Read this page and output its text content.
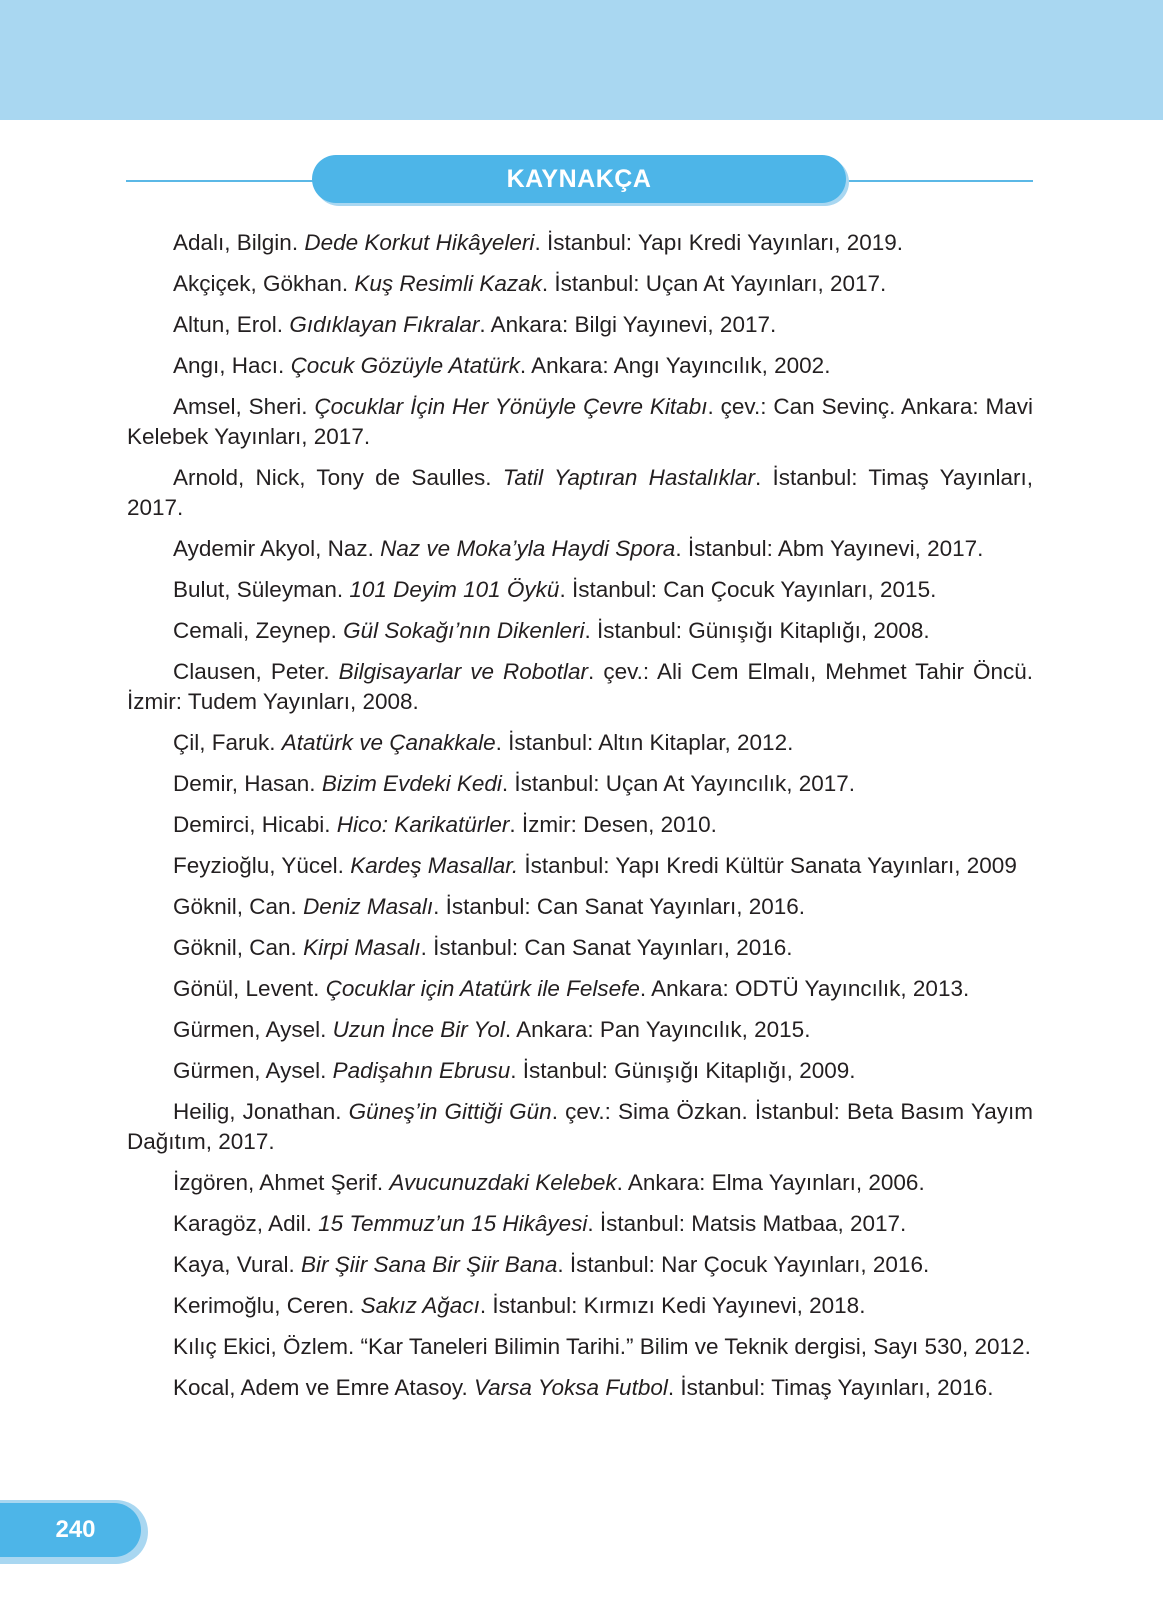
KAYNAKÇA

Adalı, Bilgin. Dede Korkut Hikâyeleri. İstanbul: Yapı Kredi Yayınları, 2019.

Akçiçek, Gökhan. Kuş Resimli Kazak. İstanbul: Uçan At Yayınları, 2017.

Altun, Erol. Gıdıklayan Fıkralar. Ankara: Bilgi Yayınevi, 2017.

Angı, Hacı. Çocuk Gözüyle Atatürk. Ankara: Angı Yayıncılık, 2002.

Amsel, Sheri. Çocuklar İçin Her Yönüyle Çevre Kitabı. çev.: Can Sevinç. Ankara: Mavi Kelebek Yayınları, 2017.

Arnold, Nick, Tony de Saulles. Tatil Yaptıran Hastalıklar. İstanbul: Timaş Yayınları, 2017.

Aydemir Akyol, Naz. Naz ve Moka’yla Haydi Spora. İstanbul: Abm Yayınevi, 2017.

Bulut, Süleyman. 101 Deyim 101 Öykü. İstanbul: Can Çocuk Yayınları, 2015.

Cemali, Zeynep. Gül Sokağı’nın Dikenleri. İstanbul: Günışığı Kitaplığı, 2008.

Clausen, Peter. Bilgisayarlar ve Robotlar. çev.: Ali Cem Elmalı, Mehmet Tahir Öncü. İzmir: Tudem Yayınları, 2008.

Çil, Faruk. Atatürk ve Çanakkale. İstanbul: Altın Kitaplar, 2012.

Demir, Hasan. Bizim Evdeki Kedi. İstanbul: Uçan At Yayıncılık, 2017.

Demirci, Hicabi. Hico: Karikatürler. İzmir: Desen, 2010.

Feyzioğlu, Yücel. Kardeş Masallar. İstanbul: Yapı Kredi Kültür Sanata Yayınları, 2009

Göknil, Can. Deniz Masalı. İstanbul: Can Sanat Yayınları, 2016.

Göknil, Can. Kirpi Masalı. İstanbul: Can Sanat Yayınları, 2016.

Gönül, Levent. Çocuklar için Atatürk ile Felsefe. Ankara: ODTÜ Yayıncılık, 2013.

Gürmen, Aysel. Uzun İnce Bir Yol. Ankara: Pan Yayıncılık, 2015.

Gürmen, Aysel. Padişahın Ebrusu. İstanbul: Günışığı Kitaplığı, 2009.

Heilig, Jonathan. Güneş’in Gittiği Gün. çev.: Sima Özkan. İstanbul: Beta Basım Yayım Dağıtım, 2017.

İzgören, Ahmet Şerif. Avucunuzdaki Kelebek. Ankara: Elma Yayınları, 2006.

Karagöz, Adil. 15 Temmuz’un 15 Hikâyesi. İstanbul: Matsis Matbaa, 2017.

Kaya, Vural. Bir Şiir Sana Bir Şiir Bana. İstanbul: Nar Çocuk Yayınları, 2016.

Kerimoğlu, Ceren. Sakız Ağacı. İstanbul: Kırmızı Kedi Yayınevi, 2018.

Kılıç Ekici, Özlem. “Kar Taneleri Bilimin Tarihi.” Bilim ve Teknik dergisi, Sayı 530, 2012.

Kocal, Adem ve Emre Atasoy. Varsa Yoksa Futbol. İstanbul: Timaş Yayınları, 2016.

240
